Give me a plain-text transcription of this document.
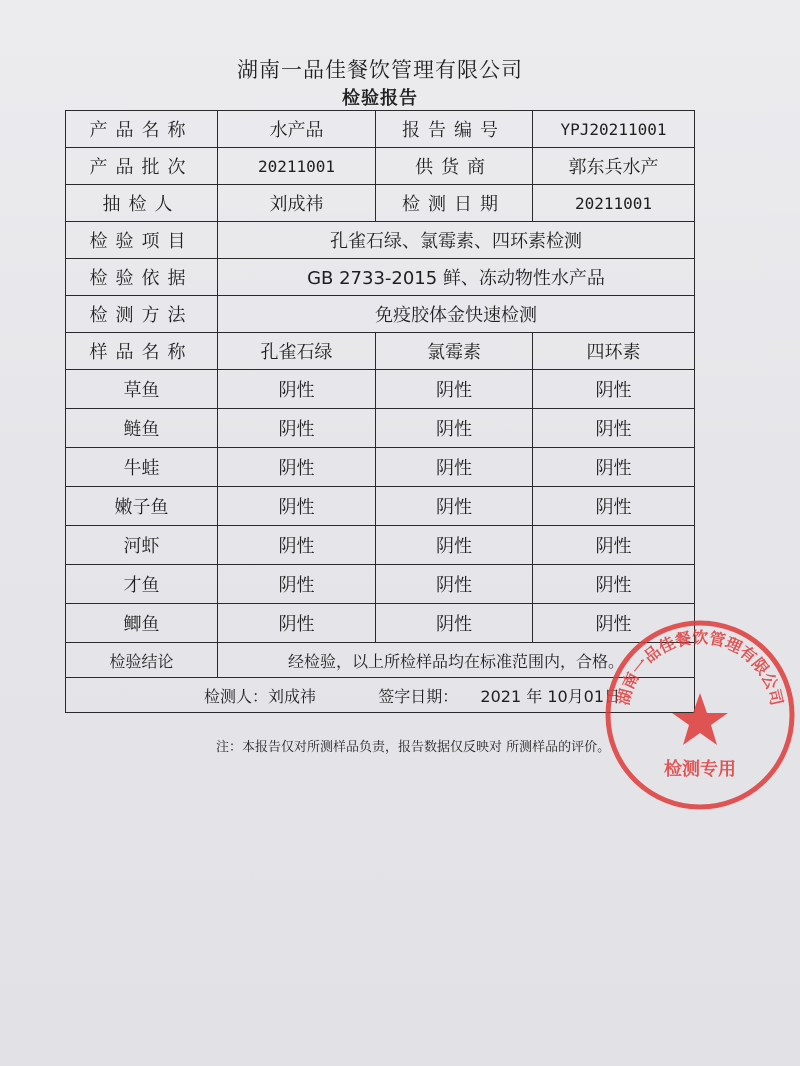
湖南一品佳餐饮管理有限公司
检验报告
产品名称	水产品	报告编号	YPJ20211001
产品批次	20211001	供货商	郭东兵水产
抽检人	刘成祎	检测日期	20211001
检验项目	孔雀石绿、氯霉素、四环素检测		
检验依据	GB 2733-2015 鲜、冻动物性水产品		
检测方法	免疫胶体金快速检测		
样品名称	孔雀石绿	氯霉素	四环素
草鱼	阴性	阴性	阴性
鲢鱼	阴性	阴性	阴性
牛蛙	阴性	阴性	阴性
嫩子鱼	阴性	阴性	阴性
河虾	阴性	阴性	阴性
才鱼	阴性	阴性	阴性
鲫鱼	阴性	阴性	阴性
检验结论	经检验，以上所检样品均在标准范围内，合格。		
检测人：刘成祎 签字日期： 2021 年 10月01日			
注：本报告仅对所测样品负责，报告数据仅反映对 所测样品的评价。
湖南一品佳餐饮管理有限公司
检测专用
